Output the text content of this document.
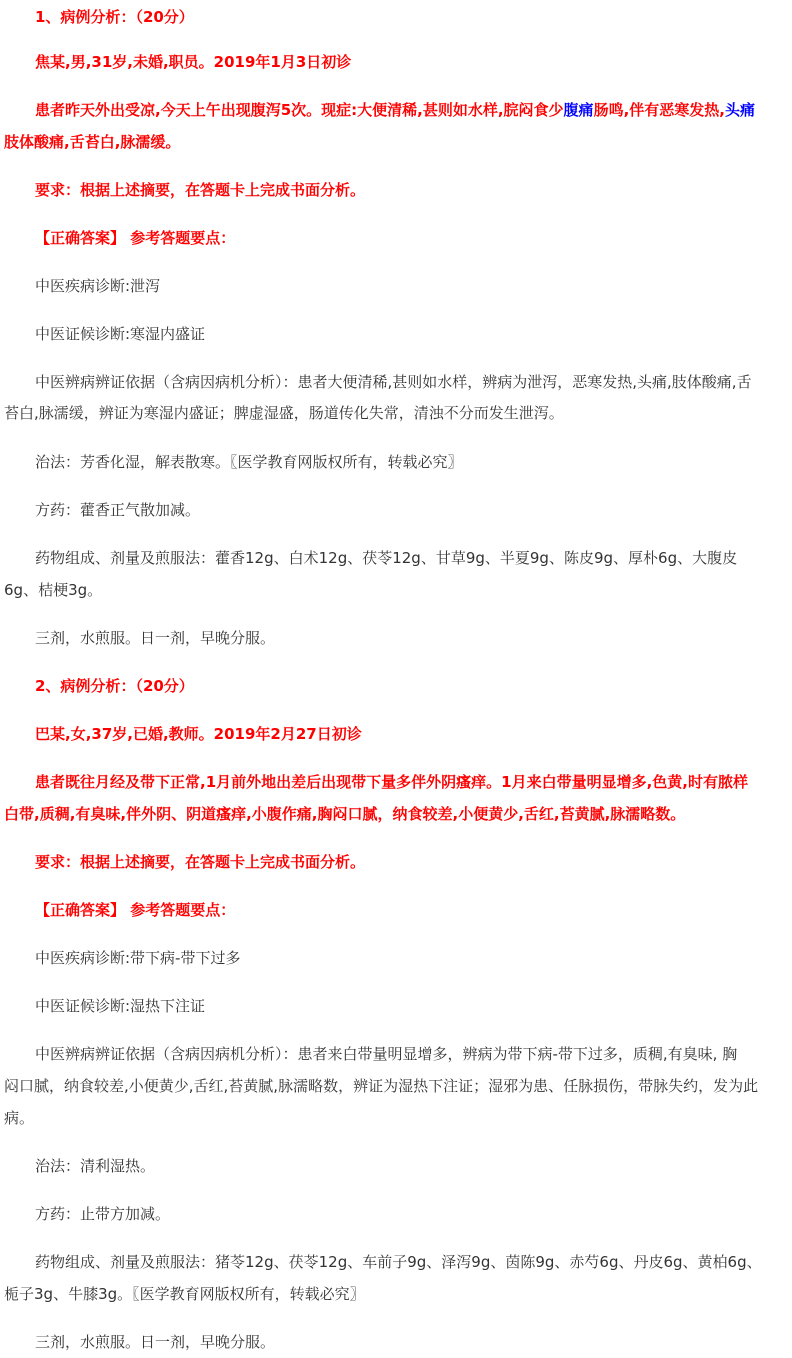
1、病例分析：（20分）

焦某,男,31岁,未婚,职员。2019年1月3日初诊

患者昨天外出受凉,今天上午出现腹泻5次。现症:大便清稀,甚则如水样,脘闷食少腹痛肠鸣,伴有恶寒发热,头痛

肢体酸痛,舌苔白,脉濡缓。

要求：根据上述摘要，在答题卡上完成书面分析。

【正确答案】 参考答题要点：

中医疾病诊断:泄泻

中医证候诊断:寒湿内盛证

中医辨病辨证依据（含病因病机分析）：患者大便清稀,甚则如水样，辨病为泄泻，恶寒发热,头痛,肢体酸痛,舌

苔白,脉濡缓，辨证为寒湿内盛证；脾虚湿盛，肠道传化失常，清浊不分而发生泄泻。

治法：芳香化湿，解表散寒。〖医学教育网版权所有，转载必究〗

方药：藿香正气散加减。

药物组成、剂量及煎服法：藿香12g、白术12g、茯苓12g、甘草9g、半夏9g、陈皮9g、厚朴6g、大腹皮

6g、桔梗3g。

三剂，水煎服。日一剂，早晚分服。

2、病例分析：（20分）

巴某,女,37岁,已婚,教师。2019年2月27日初诊

患者既往月经及带下正常,1月前外地出差后出现带下量多伴外阴瘙痒。1月来白带量明显增多,色黄,时有脓样

白带,质稠,有臭味,伴外阴、阴道瘙痒,小腹作痛,胸闷口腻，纳食较差,小便黄少,舌红,苔黄腻,脉濡略数。

要求：根据上述摘要，在答题卡上完成书面分析。

【正确答案】 参考答题要点：

中医疾病诊断:带下病-带下过多

中医证候诊断:湿热下注证

中医辨病辨证依据（含病因病机分析）：患者来白带量明显增多，辨病为带下病-带下过多，质稠,有臭味, 胸

闷口腻，纳食较差,小便黄少,舌红,苔黄腻,脉濡略数，辨证为湿热下注证；湿邪为患、任脉损伤，带脉失约，发为此

病。

治法：清利湿热。

方药：止带方加减。

药物组成、剂量及煎服法：猪苓12g、茯苓12g、车前子9g、泽泻9g、茵陈9g、赤芍6g、丹皮6g、黄柏6g、

栀子3g、牛膝3g。〖医学教育网版权所有，转载必究〗

三剂，水煎服。日一剂，早晚分服。
